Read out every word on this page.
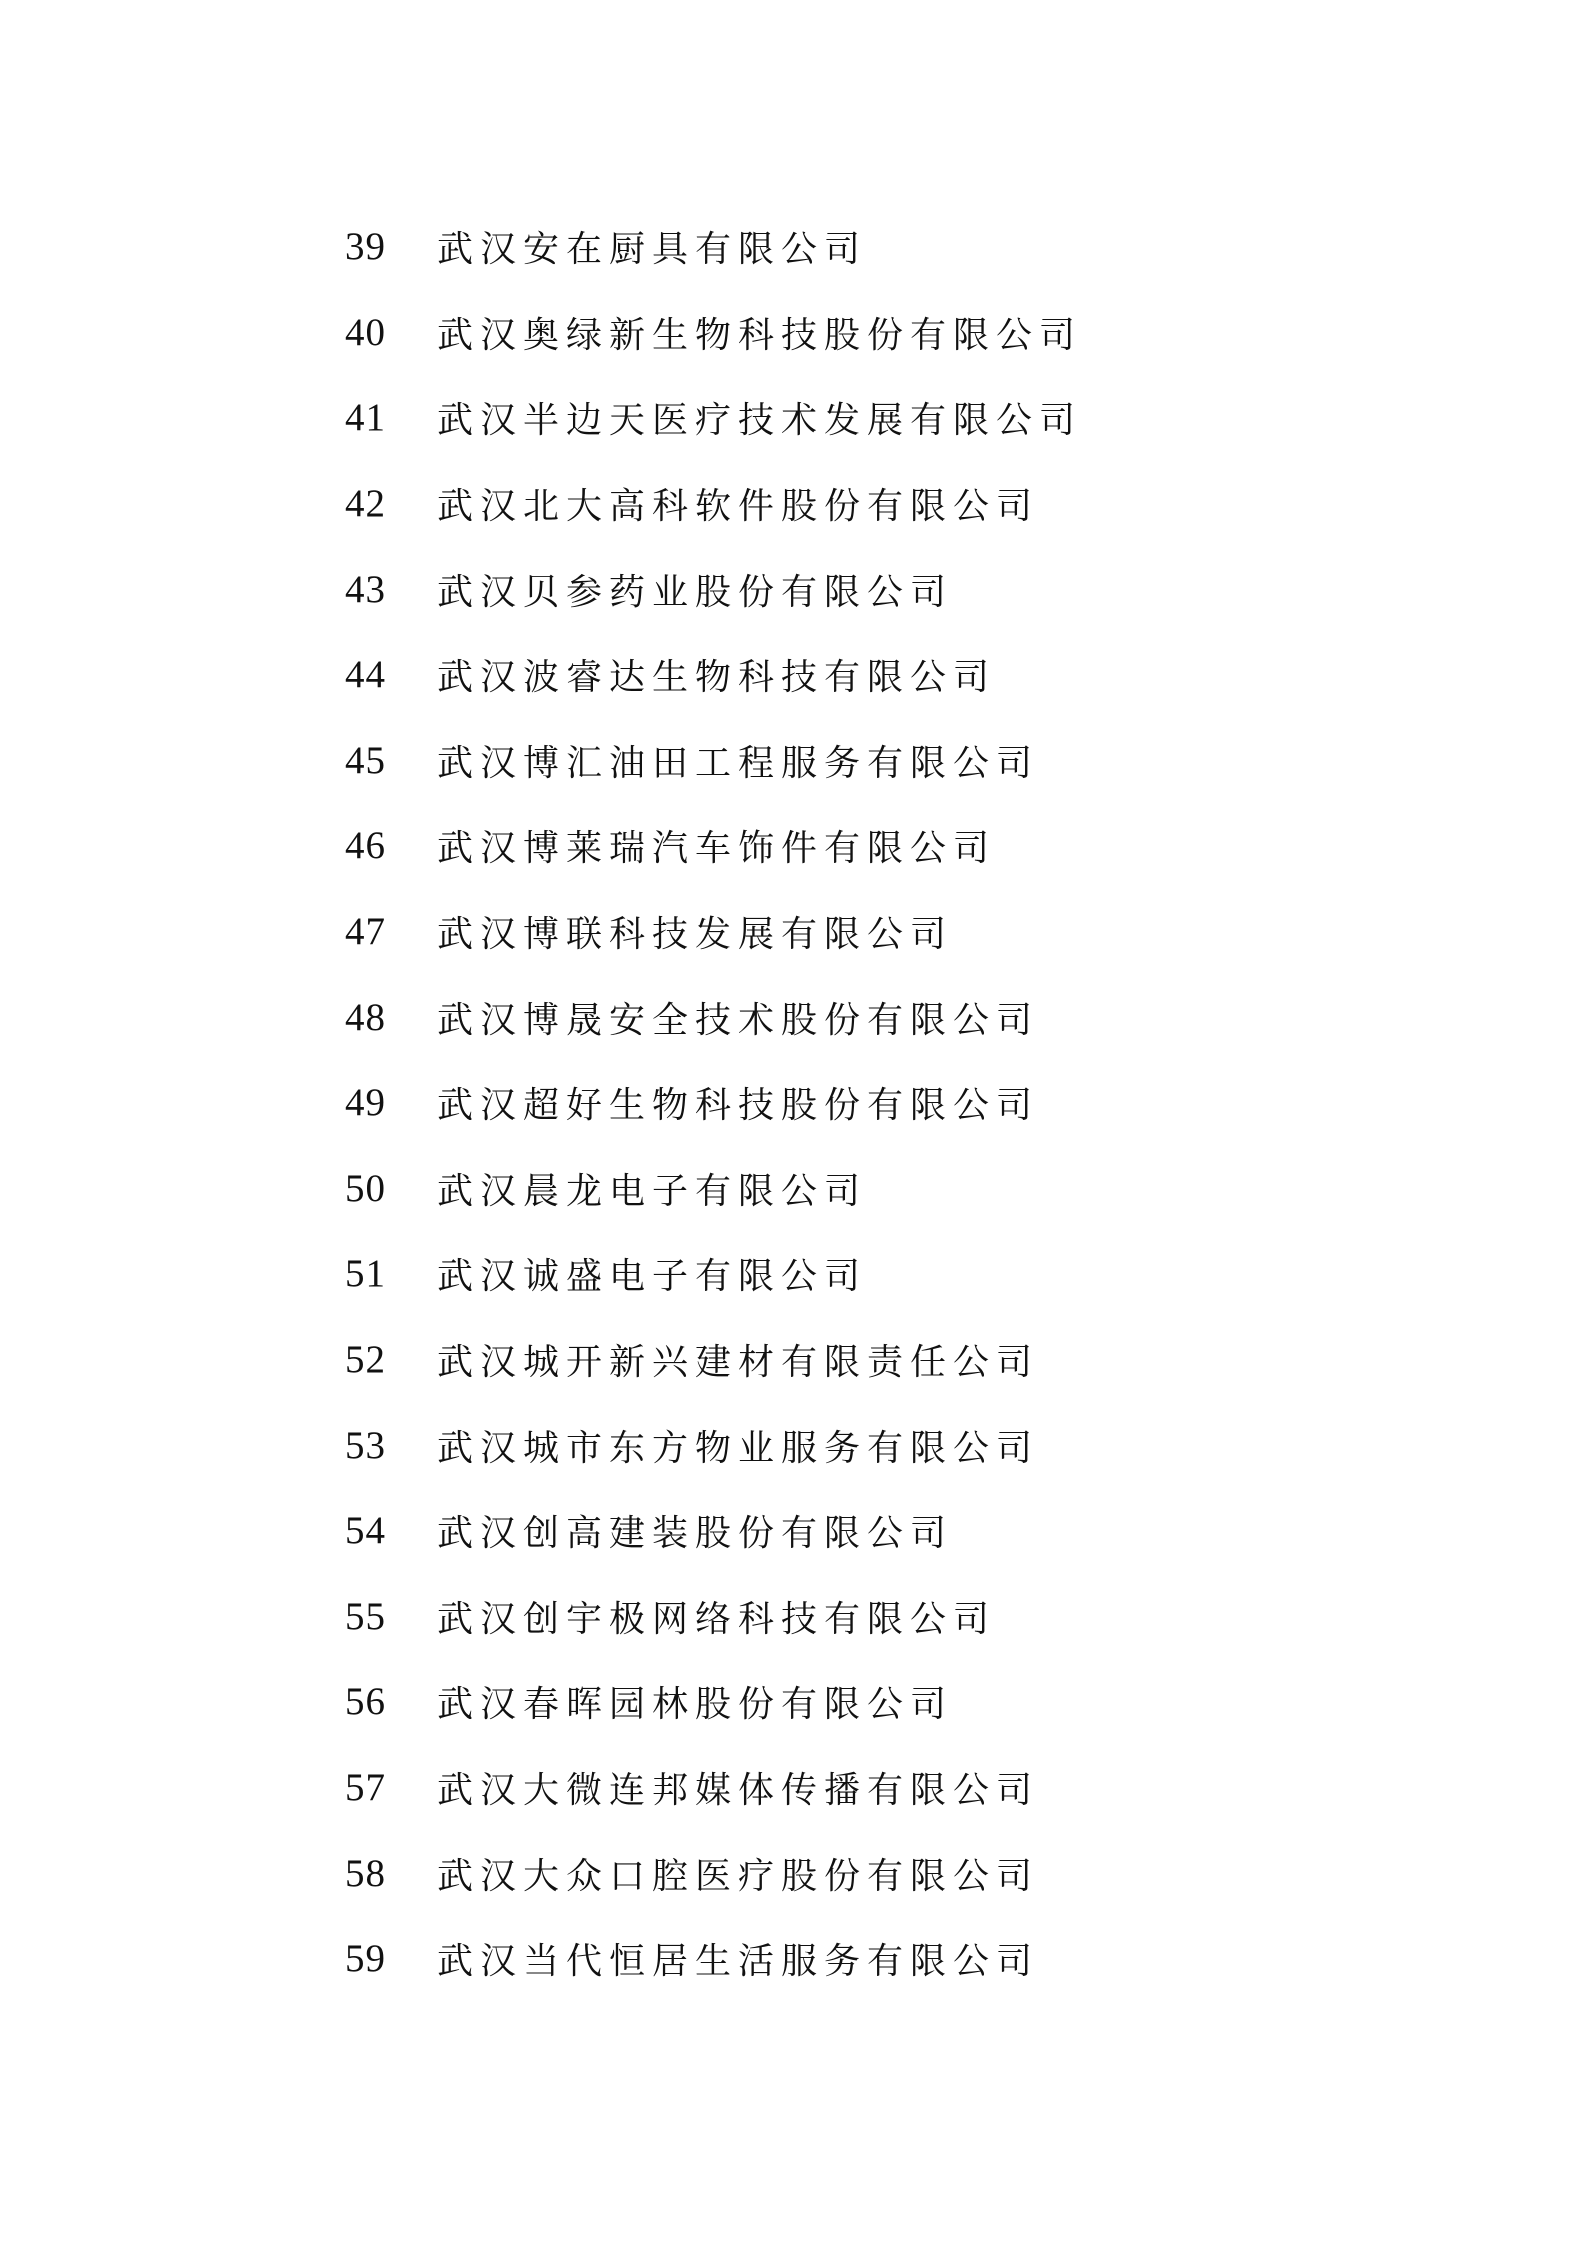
39	武汉安在厨具有限公司
40	武汉奥绿新生物科技股份有限公司
41	武汉半边天医疗技术发展有限公司
42	武汉北大高科软件股份有限公司
43	武汉贝参药业股份有限公司
44	武汉波睿达生物科技有限公司
45	武汉博汇油田工程服务有限公司
46	武汉博莱瑞汽车饰件有限公司
47	武汉博联科技发展有限公司
48	武汉博晟安全技术股份有限公司
49	武汉超好生物科技股份有限公司
50	武汉晨龙电子有限公司
51	武汉诚盛电子有限公司
52	武汉城开新兴建材有限责任公司
53	武汉城市东方物业服务有限公司
54	武汉创高建装股份有限公司
55	武汉创宇极网络科技有限公司
56	武汉春晖园林股份有限公司
57	武汉大微连邦媒体传播有限公司
58	武汉大众口腔医疗股份有限公司
59	武汉当代恒居生活服务有限公司
